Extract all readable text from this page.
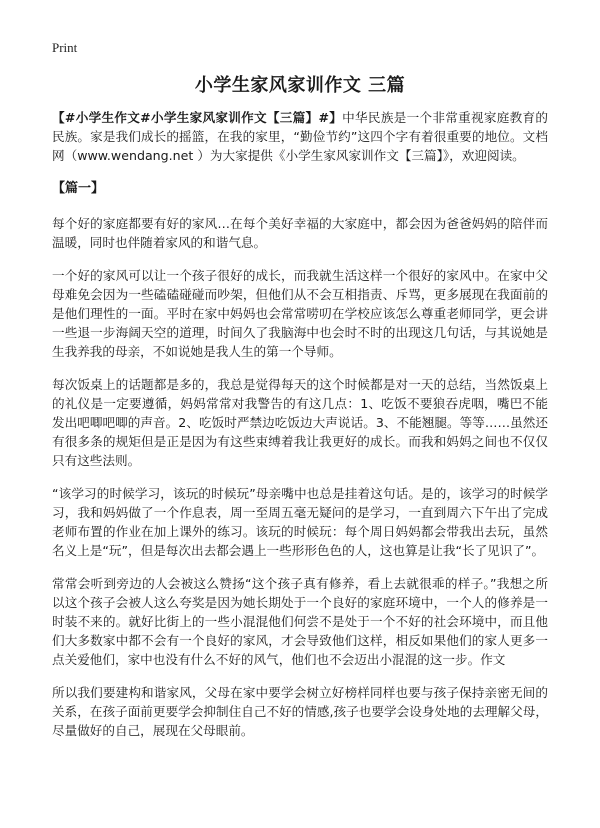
Print
小学生家风家训作文 三篇

【#小学生作文#小学生家风家训作文【三篇】#】中华民族是一个非常重视家庭教育的民族。家是我们成长的摇篮，在我的家里，“勤俭节约”这四个字有着很重要的地位。文档网（www.wendang.net ）为大家提供《小学生家风家训作文【三篇】》，欢迎阅读。

【篇一】

每个好的家庭都要有好的家风…在每个美好幸福的大家庭中，都会因为爸爸妈妈的陪伴而温暖，同时也伴随着家风的和谐气息。

一个好的家风可以让一个孩子很好的成长，而我就生活这样一个很好的家风中。在家中父母难免会因为一些磕磕碰碰而吵架，但他们从不会互相指责、斥骂，更多展现在我面前的是他们理性的一面。平时在家中妈妈也会常常唠叨在学校应该怎么尊重老师同学，更会讲一些退一步海阔天空的道理，时间久了我脑海中也会时不时的出现这几句话，与其说她是生我养我的母亲，不如说她是我人生的第一个导师。

每次饭桌上的话题都是多的，我总是觉得每天的这个时候都是对一天的总结，当然饭桌上的礼仪是一定要遵循，妈妈常常对我警告的有这几点：1、吃饭不要狼吞虎咽，嘴巴不能发出吧唧吧唧的声音。2、吃饭时严禁边吃饭边大声说话。3、不能翘腿。等等……虽然还有很多条的规矩但是正是因为有这些束缚着我让我更好的成长。而我和妈妈之间也不仅仅只有这些法则。

“该学习的时候学习，该玩的时候玩”母亲嘴中也总是挂着这句话。是的，该学习的时候学习，我和妈妈做了一个作息表，周一至周五毫无疑问的是学习，一直到周六下午出了完成老师布置的作业在加上课外的练习。该玩的时候玩：每个周日妈妈都会带我出去玩，虽然名义上是“玩”，但是每次出去都会遇上一些形形色色的人，这也算是让我“长了见识了”。

常常会听到旁边的人会被这么赞扬“这个孩子真有修养，看上去就很乖的样子。”我想之所以这个孩子会被人这么夸奖是因为她长期处于一个良好的家庭环境中，一个人的修养是一时装不来的。就好比街上的一些小混混他们何尝不是处于一个不好的社会环境中，而且他们大多数家中都不会有一个良好的家风，才会导致他们这样，相反如果他们的家人更多一点关爱他们，家中也没有什么不好的风气，他们也不会迈出小混混的这一步。作文

所以我们要建构和谐家风，父母在家中要学会树立好榜样同样也要与孩子保持亲密无间的关系，在孩子面前更要学会抑制住自己不好的情感,孩子也要学会设身处地的去理解父母，尽量做好的自己，展现在父母眼前。
